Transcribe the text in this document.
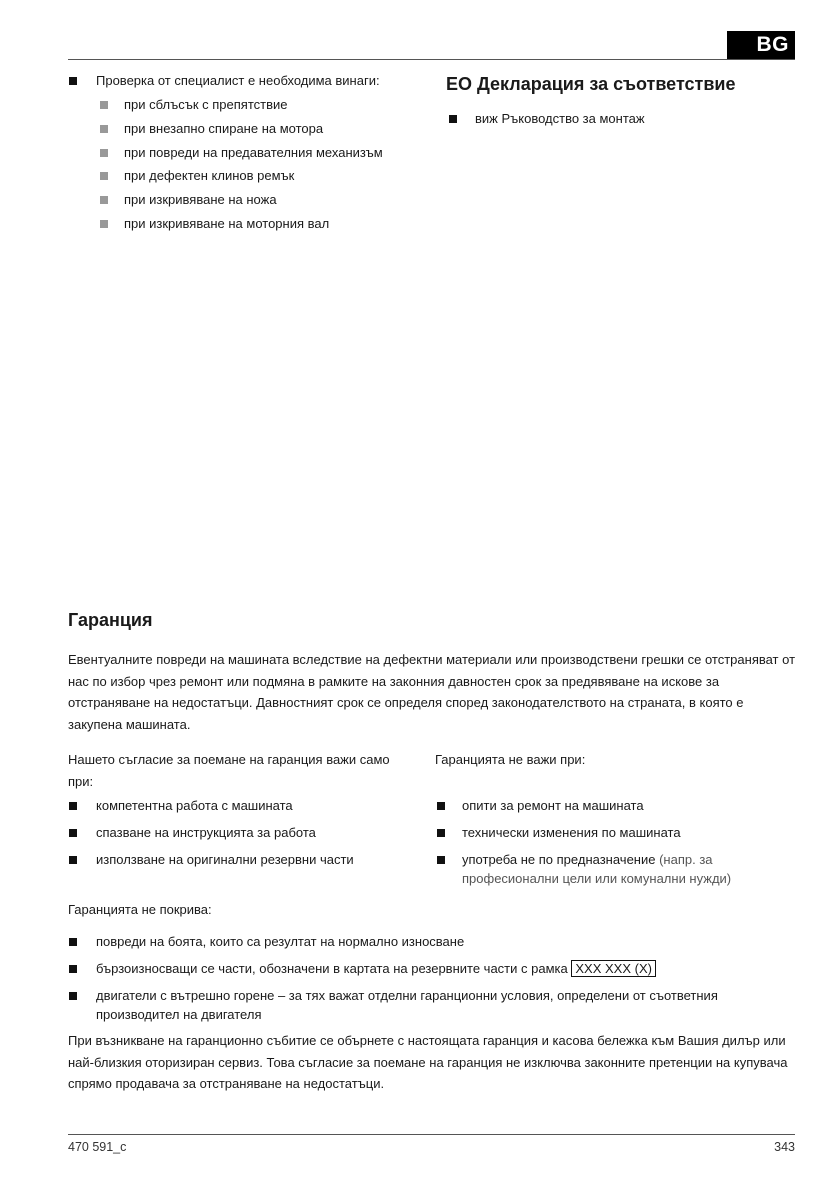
BG
Проверка от специалист е необходима винаги:
при сблъсък с препятствие
при внезапно спиране на мотора
при повреди на предавателния механизъм
при дефектен клинов ремък
при изкривяване на ножа
при изкривяване на моторния вал
ЕО Декларация за съответствие
виж Ръководство за монтаж
Гаранция
Евентуалните повреди на машината вследствие на дефектни материали или производствени грешки се отстраняват от нас по избор чрез ремонт или подмяна в рамките на законния давностен срок за предявяване на искове за отстраняване на недостатъци. Давностният срок се определя според законодателството на страната, в която е закупена машината.
Нашето съгласие за поемане на гаранция важи само при:
Гаранцията не важи при:
компетентна работа с машината
спазване на инструкцията за работа
използване на оригинални резервни части
опити за ремонт на машината
технически изменения по машината
употреба не по предназначение (напр. за
професионални цели или комунални нужди)
Гаранцията не покрива:
повреди на боята, които са резултат на нормално износване
бързоизносващи се части, обозначени в картата на резервните части с рамка XXX XXX (X)
двигатели с вътрешно горене – за тях важат отделни гаранционни условия, определени от съответния
производител на двигателя
При възникване на гаранционно събитие се обърнете с настоящата гаранция и касова бележка към Вашия дилър или най-близкия оторизиран сервиз. Това съгласие за поемане на гаранция не изключва законните претенции на купувача спрямо продавача за отстраняване на недостатъци.
470 591_c	343
